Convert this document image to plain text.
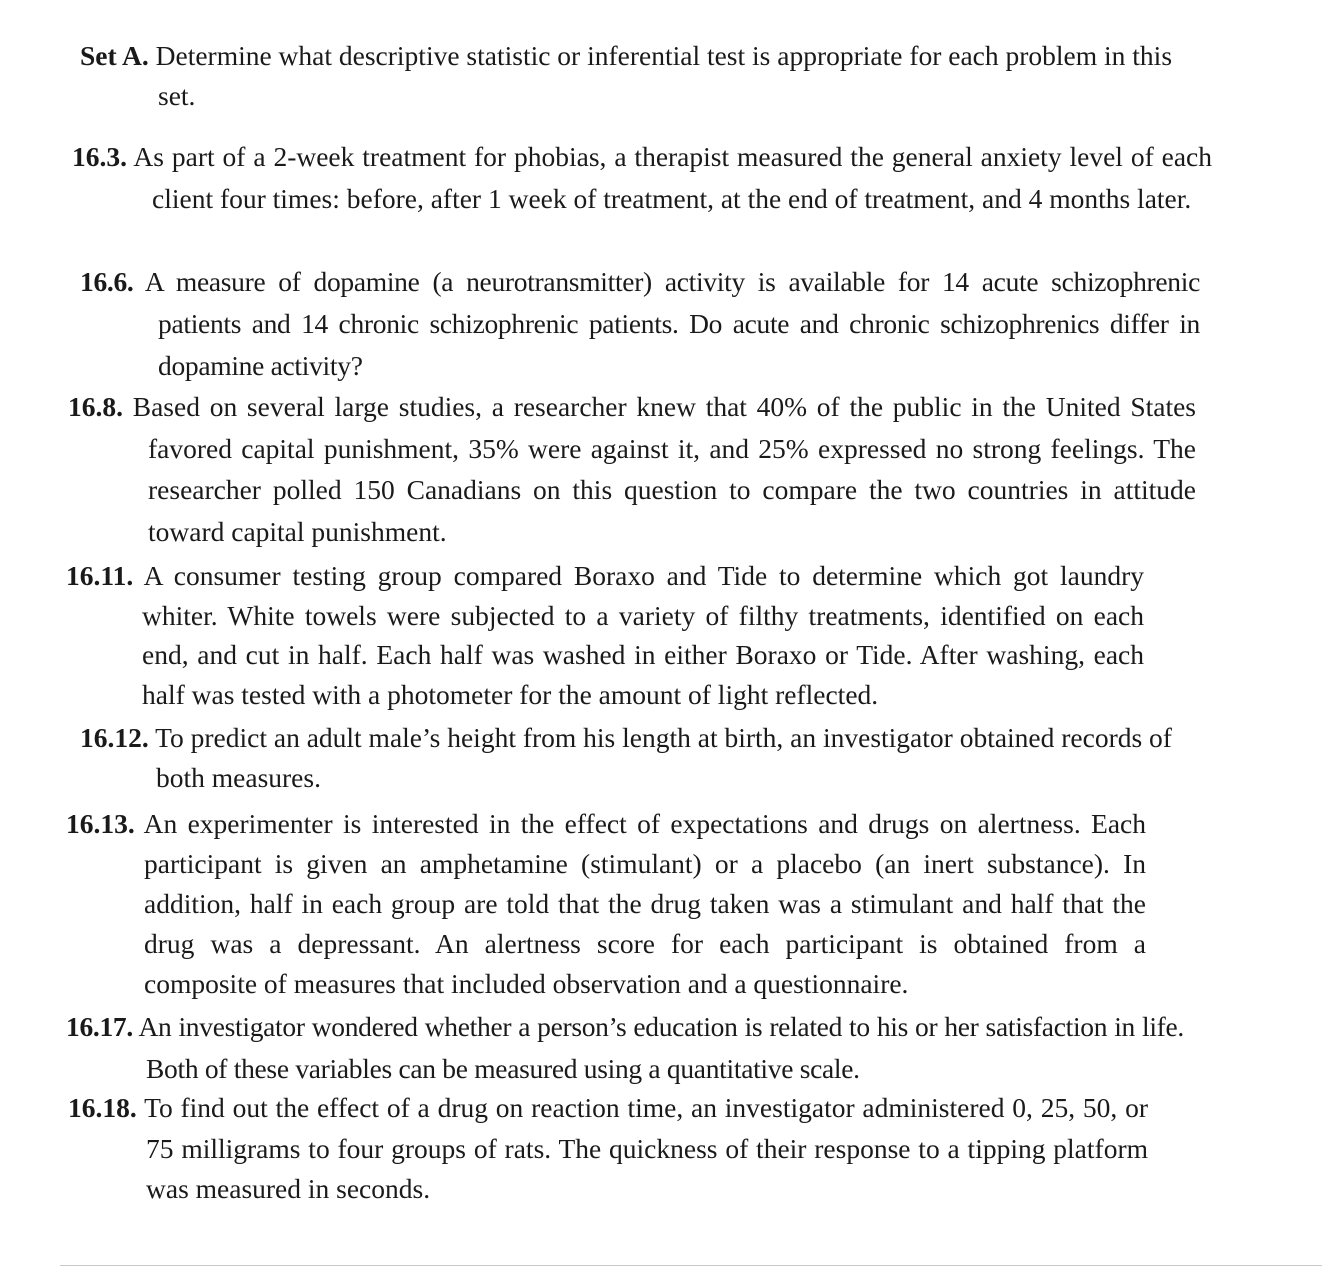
Set A. Determine what descriptive statistic or inferential test is appropriate for each problem in this set.
16.3. As part of a 2-week treatment for phobias, a therapist measured the general anxiety level of each client four times: before, after 1 week of treatment, at the end of treatment, and 4 months later.
16.6. A measure of dopamine (a neurotransmitter) activity is available for 14 acute schizophrenic patients and 14 chronic schizophrenic patients. Do acute and chronic schizophrenics differ in dopamine activity?
16.8. Based on several large studies, a researcher knew that 40% of the public in the United States favored capital punishment, 35% were against it, and 25% expressed no strong feelings. The researcher polled 150 Canadians on this question to compare the two countries in attitude toward capital punishment.
16.11. A consumer testing group compared Boraxo and Tide to determine which got laundry whiter. White towels were subjected to a variety of filthy treatments, identified on each end, and cut in half. Each half was washed in either Boraxo or Tide. After washing, each half was tested with a photometer for the amount of light reflected.
16.12. To predict an adult male’s height from his length at birth, an investigator obtained records of both measures.
16.13. An experimenter is interested in the effect of expectations and drugs on alertness. Each participant is given an amphetamine (stimulant) or a placebo (an inert substance). In addition, half in each group are told that the drug taken was a stimulant and half that the drug was a depressant. An alertness score for each participant is obtained from a composite of measures that included observation and a questionnaire.
16.17. An investigator wondered whether a person’s education is related to his or her satisfaction in life. Both of these variables can be measured using a quantitative scale.
16.18. To find out the effect of a drug on reaction time, an investigator administered 0, 25, 50, or 75 milligrams to four groups of rats. The quickness of their response to a tipping platform was measured in seconds.
